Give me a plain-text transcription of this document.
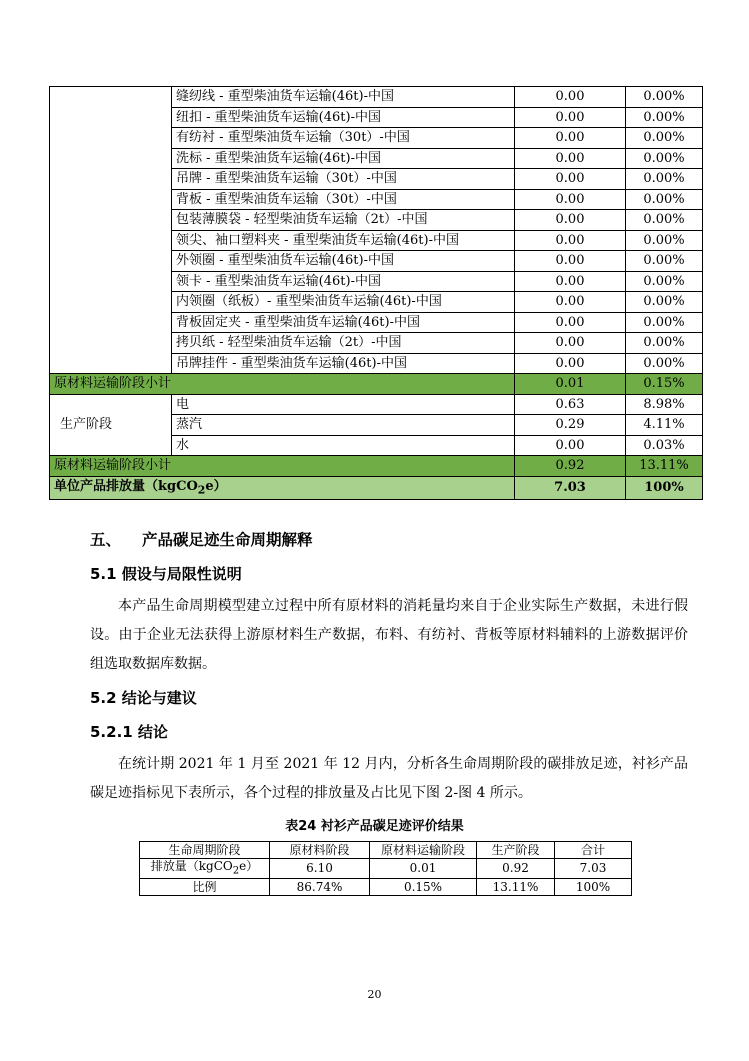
	缝纫线 - 重型柴油货车运输(46t)-中国	0.00	0.00%
	纽扣 - 重型柴油货车运输(46t)-中国	0.00	0.00%
	有纺衬 - 重型柴油货车运输（30t）-中国	0.00	0.00%
	洗标 - 重型柴油货车运输(46t)-中国	0.00	0.00%
	吊牌 - 重型柴油货车运输（30t）-中国	0.00	0.00%
	背板 - 重型柴油货车运输（30t）-中国	0.00	0.00%
	包装薄膜袋 - 轻型柴油货车运输（2t）-中国	0.00	0.00%
	领尖、袖口塑料夹 - 重型柴油货车运输(46t)-中国	0.00	0.00%
	外领圈 - 重型柴油货车运输(46t)-中国	0.00	0.00%
	领卡 - 重型柴油货车运输(46t)-中国	0.00	0.00%
	内领圈（纸板）- 重型柴油货车运输(46t)-中国	0.00	0.00%
	背板固定夹 - 重型柴油货车运输(46t)-中国	0.00	0.00%
	拷贝纸 - 轻型柴油货车运输（2t）-中国	0.00	0.00%
	吊牌挂件 - 重型柴油货车运输(46t)-中国	0.00	0.00%
原材料运输阶段小计		0.01	0.15%
生产阶段	电	0.63	8.98%
	蒸汽	0.29	4.11%
	水	0.00	0.03%
原材料运输阶段小计		0.92	13.11%
单位产品排放量（kgCO$_2$e）		7.03	100%
五、 产品碳足迹生命周期解释
5.1 假设与局限性说明

本产品生命周期模型建立过程中所有原材料的消耗量均来自于企业实际生产数据，未进行假设。由于企业无法获得上游原材料生产数据，布料、有纺衬、背板等原材料辅料的上游数据评价组选取数据库数据。

5.2 结论与建议
5.2.1 结论

在统计期 2021 年 1 月至 2021 年 12 月内，分析各生命周期阶段的碳排放足迹，衬衫产品碳足迹指标见下表所示，各个过程的排放量及占比见下图 2-图 4 所示。

表24 衬衫产品碳足迹评价结果
生命周期阶段	原材料阶段	原材料运输阶段	生产阶段	合计
排放量（kgCO$_2$e）	6.10	0.01	0.92	7.03
比例	86.74%	0.15%	13.11%	100%
20
